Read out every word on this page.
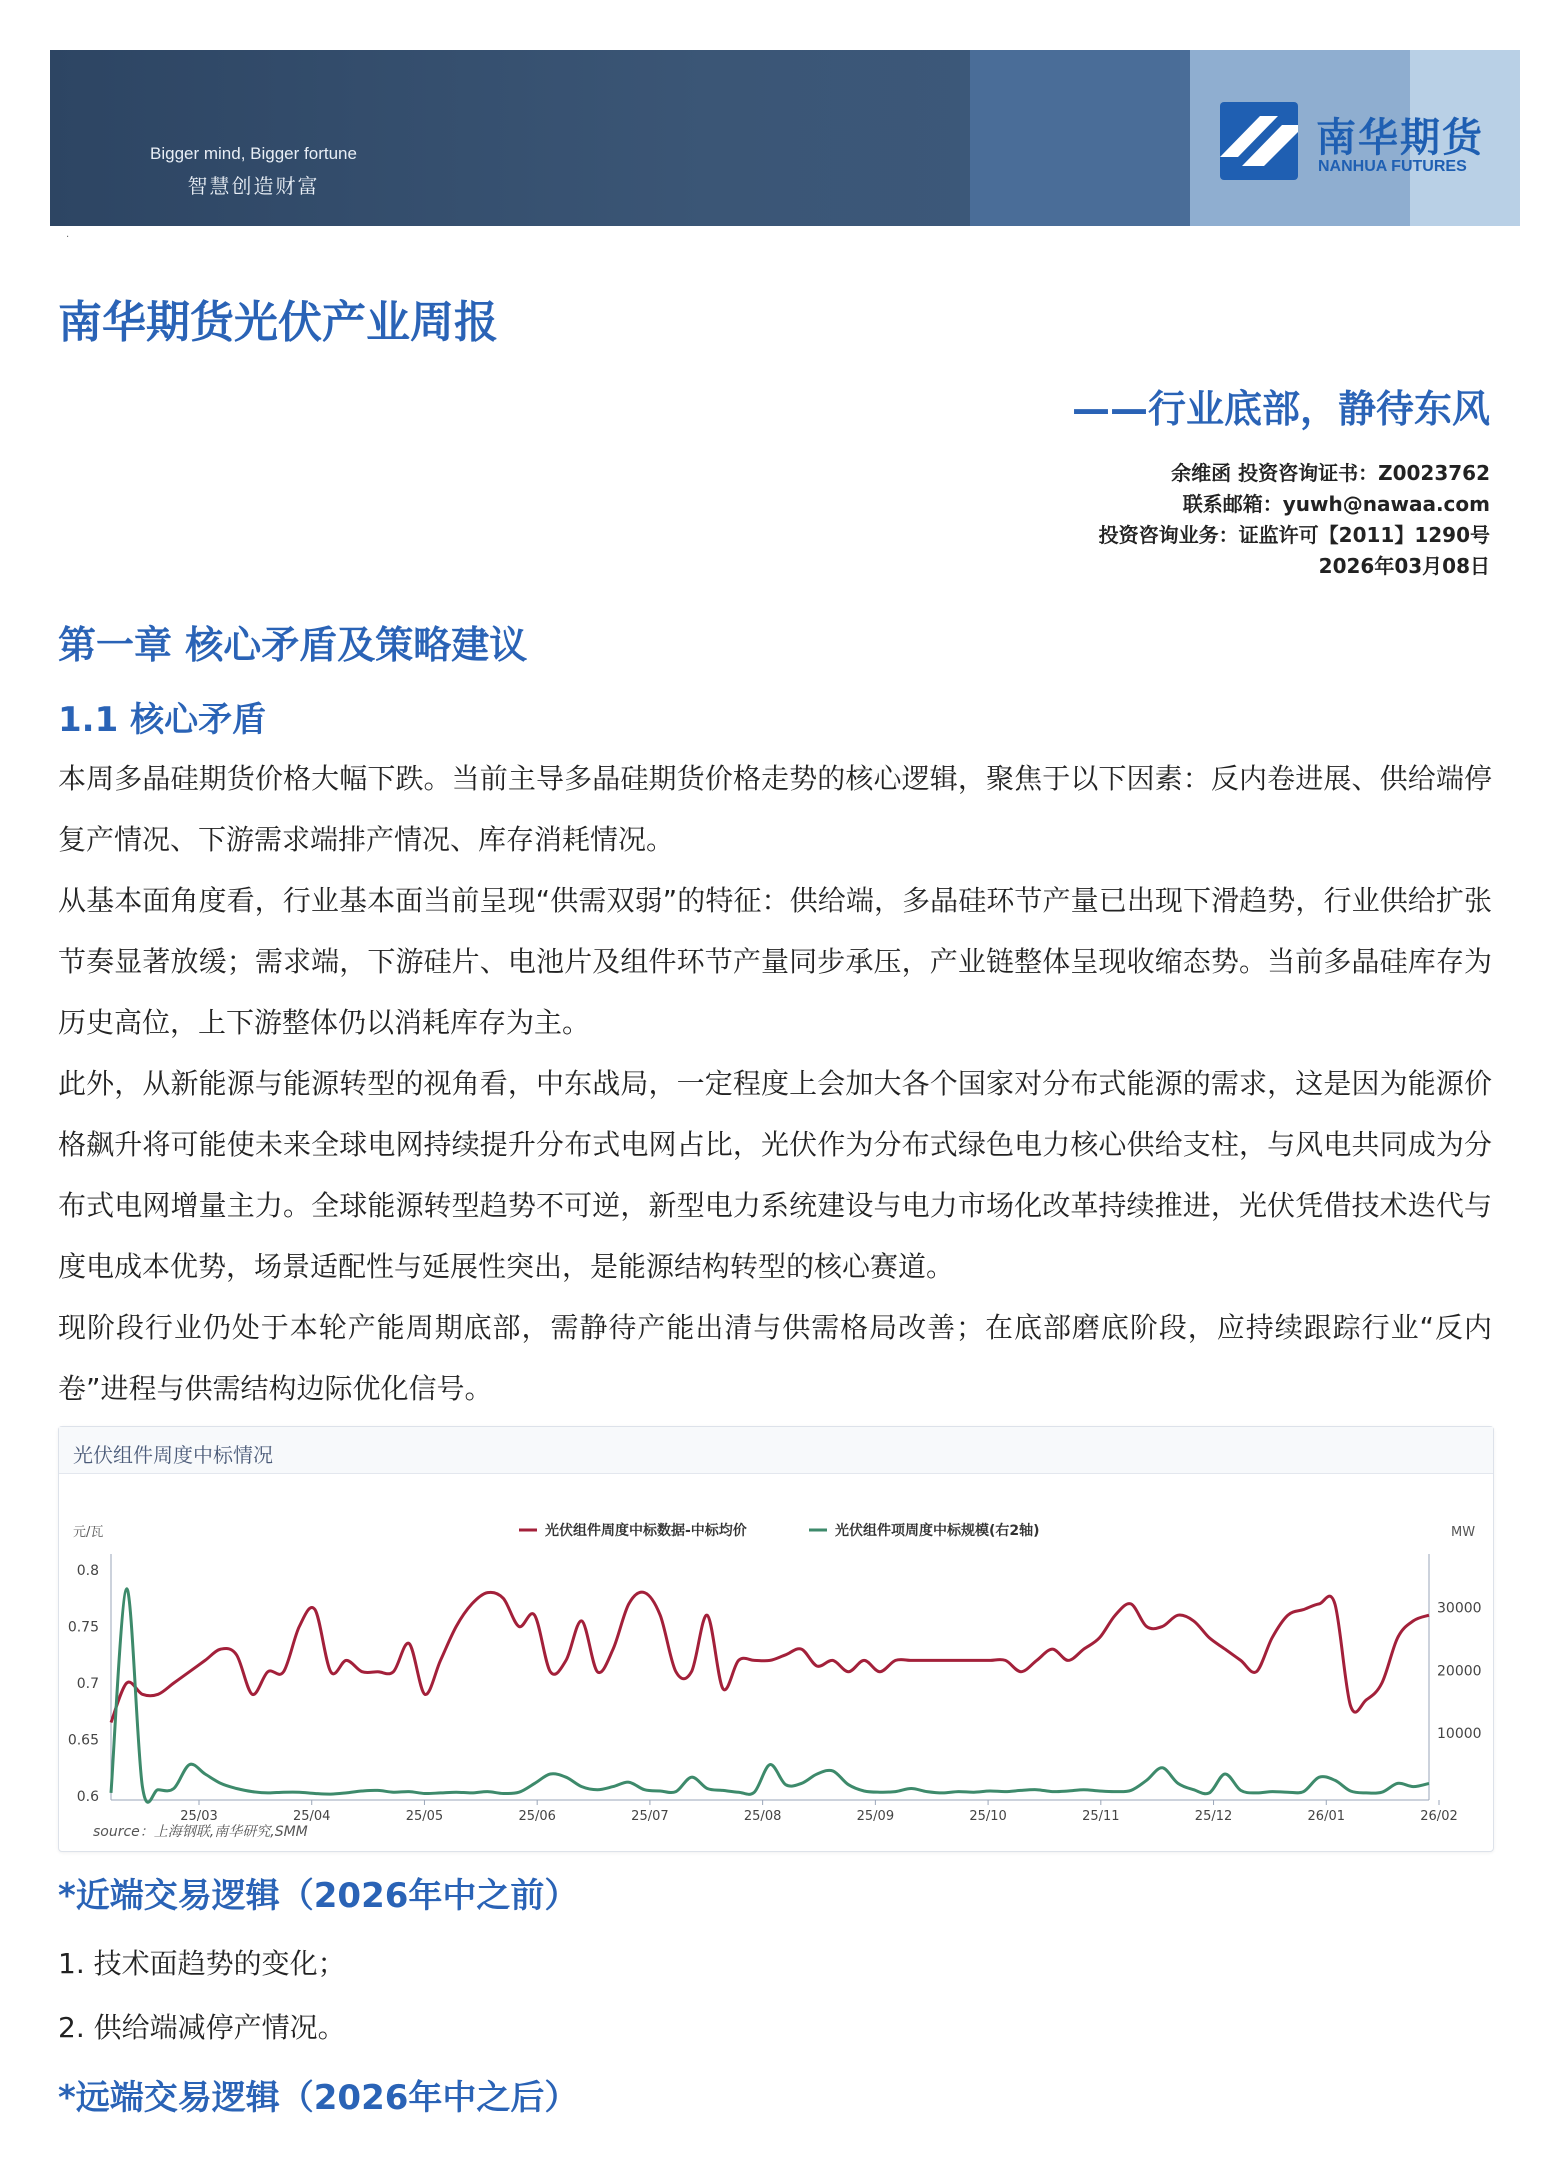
Bigger mind, Bigger fortune
智慧创造财富
南华期货
NANHUA FUTURES
·
南华期货光伏产业周报
——行业底部，静待东风
余维函 投资咨询证书：Z0023762
联系邮箱：yuwh@nawaa.com
投资咨询业务：证监许可【2011】1290号
2026年03月08日
第一章 核心矛盾及策略建议
1.1 核心矛盾

本周多晶硅期货价格大幅下跌。当前主导多晶硅期货价格走势的核心逻辑，聚焦于以下因素：反内卷进展、供给端停复产情况、下游需求端排产情况、库存消耗情况。

从基本面角度看，行业基本面当前呈现“供需双弱”的特征：供给端，多晶硅环节产量已出现下滑趋势，行业供给扩张节奏显著放缓；需求端，下游硅片、电池片及组件环节产量同步承压，产业链整体呈现收缩态势。当前多晶硅库存为历史高位，上下游整体仍以消耗库存为主。

此外，从新能源与能源转型的视角看，中东战局，一定程度上会加大各个国家对分布式能源的需求，这是因为能源价格飙升将可能使未来全球电网持续提升分布式电网占比，光伏作为分布式绿色电力核心供给支柱，与风电共同成为分布式电网增量主力。全球能源转型趋势不可逆，新型电力系统建设与电力市场化改革持续推进，光伏凭借技术迭代与度电成本优势，场景适配性与延展性突出，是能源结构转型的核心赛道。

现阶段行业仍处于本轮产能周期底部，需静待产能出清与供需格局改善；在底部磨底阶段，应持续跟踪行业“反内卷”进程与供需结构边际优化信号。

光伏组件周度中标情况
元/瓦	MW
0.8
0.75
0.7
0.65
0.6
30000
20000
10000
25/03	25/04	25/05	25/06	25/07	25/08	25/09	25/10	25/11	25/12	26/01	26/02
光伏组件周度中标数据-中标均价	光伏组件项周度中标规模(右2轴)
source：上海钢联,南华研究,SMM
*近端交易逻辑（2026年中之前）
1. 技术面趋势的变化；
2. 供给端减停产情况。
*远端交易逻辑（2026年中之后）
